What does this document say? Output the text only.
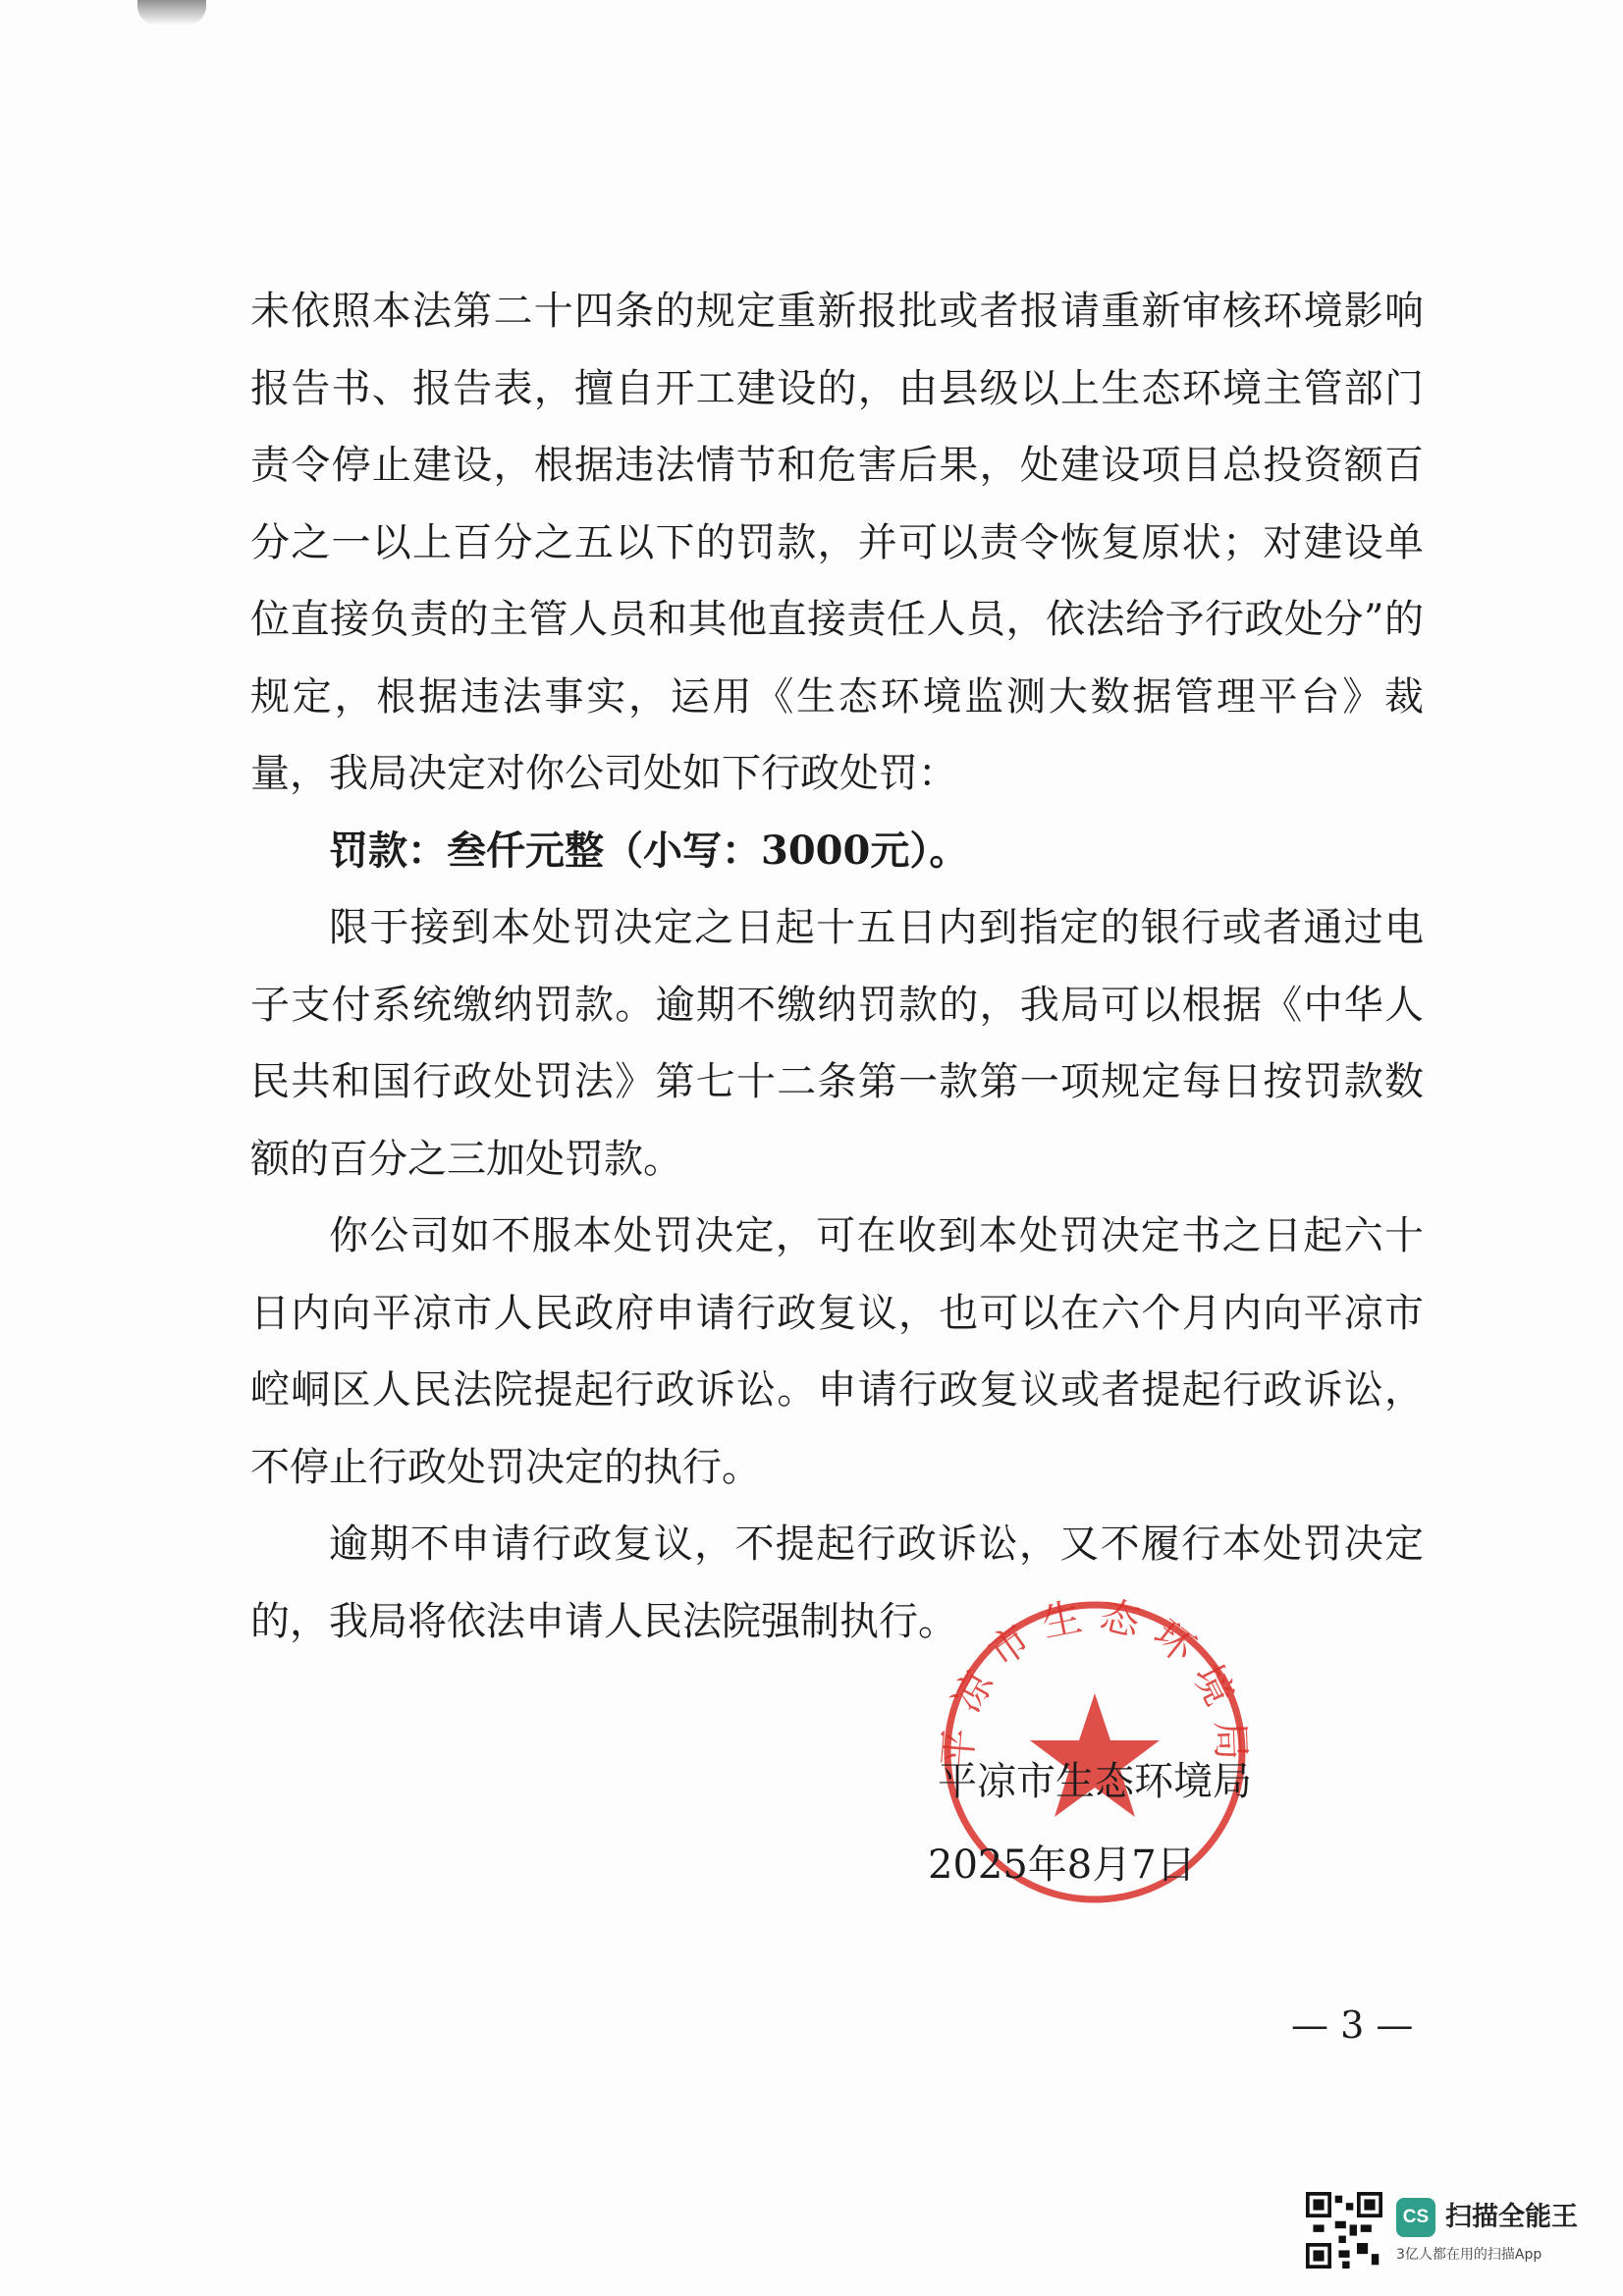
未依照本法第二十四条的规定重新报批或者报请重新审核环境影响报告书、报告表，擅自开工建设的，由县级以上生态环境主管部门责令停止建设，根据违法情节和危害后果，处建设项目总投资额百分之一以上百分之五以下的罚款，并可以责令恢复原状；对建设单位直接负责的主管人员和其他直接责任人员，依法给予行政处分”的规定，根据违法事实，运用《生态环境监测大数据管理平台》裁量，我局决定对你公司处如下行政处罚：

罚款：叁仟元整（小写：3000元）。

限于接到本处罚决定之日起十五日内到指定的银行或者通过电子支付系统缴纳罚款。逾期不缴纳罚款的，我局可以根据《中华人民共和国行政处罚法》第七十二条第一款第一项规定每日按罚款数额的百分之三加处罚款。

你公司如不服本处罚决定，可在收到本处罚决定书之日起六十日内向平凉市人民政府申请行政复议，也可以在六个月内向平凉市崆峒区人民法院提起行政诉讼。申请行政复议或者提起行政诉讼，不停止行政处罚决定的执行。

逾期不申请行政复议，不提起行政诉讼，又不履行本处罚决定的，我局将依法申请人民法院强制执行。

平凉市生态环境局
平凉市生态环境局
2025年8月7日
— 3 —
CS 扫描全能王
3亿人都在用的扫描App
